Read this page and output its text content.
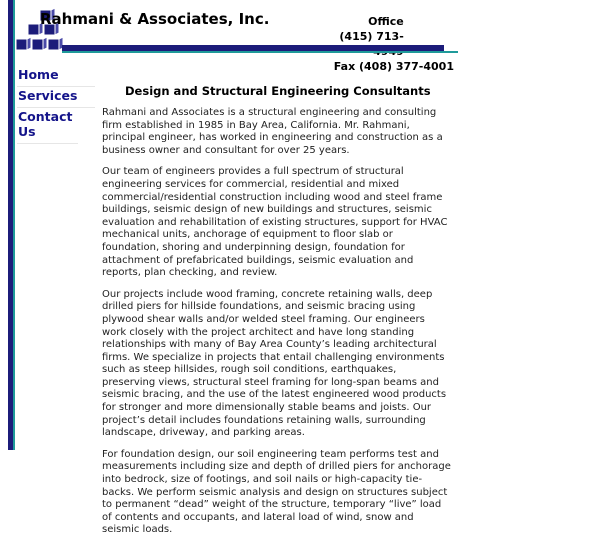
Rahmani & Associates, Inc.	Office (415) 713-
Fax (408) 377-4001
Home
Services
Contact Us
Design and Structural Engineering Consultants

Rahmani and Associates is a structural engineering and consulting firm established in 1985 in Bay Area, California. Mr. Rahmani, principal engineer, has worked in engineering and construction as a business owner and consultant for over 25 years.

Our team of engineers provides a full spectrum of structural engineering services for commercial, residential and mixed commercial/residential construction including wood and steel frame buildings, seismic design of new buildings and structures, seismic evaluation and rehabilitation of existing structures, support for HVAC mechanical units, anchorage of equipment to floor slab or foundation, shoring and underpinning design, foundation for attachment of prefabricated buildings, seismic evaluation and reports, plan checking, and review.

Our projects include wood framing, concrete retaining walls, deep drilled piers for hillside foundations, and seismic bracing using plywood shear walls and/or welded steel framing. Our engineers work closely with the project architect and have long standing relationships with many of Bay Area County’s leading architectural firms. We specialize in projects that entail challenging environments such as steep hillsides, rough soil conditions, earthquakes, preserving views, structural steel framing for long-span beams and seismic bracing, and the use of the latest engineered wood products for stronger and more dimensionally stable beams and joists. Our project’s detail includes foundations retaining walls, surrounding landscape, driveway, and parking areas.

For foundation design, our soil engineering team performs test and measurements including size and depth of drilled piers for anchorage into bedrock, size of footings, and soil nails or high-capacity tie-backs. We perform seismic analysis and design on structures subject to permanent “dead” weight of the structure, temporary “live” load of contents and occupants, and lateral load of wind, snow and seismic loads.
